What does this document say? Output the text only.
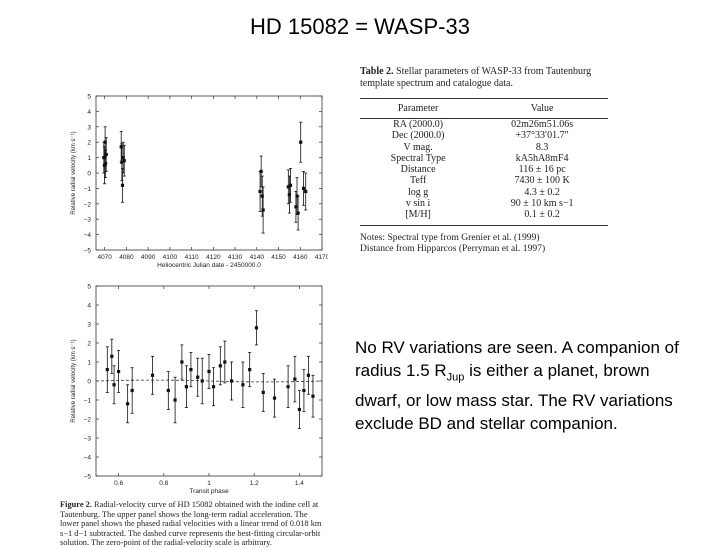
HD 15082 = WASP-33
5
4
3
2
1
0
−1
−2
−3
−4
−5
4070 4080 4090 4100 4110 4120 4130 4140 4150 4160 4170
Heliocentric Julian date - 2450000.0
Relative radial velocity (km s⁻¹)
5
4
3
2
1
0
−1
−2
−3
−4
−5
0.6	0.8	1	1.2	1.4
Transit phase
Relative radial velocity (km s⁻¹)
Figure 2. Radial-velocity curve of HD 15082 obtained with the iodine cell at Tautenburg. The upper panel shows the long-term radial acceleration. The lower panel shows the phased radial velocities with a linear trend of 0.018 km s−1 d−1 subtracted. The dashed curve represents the best-fitting circular-orbit solution. The zero-point of the radial-velocity scale is arbitrary.
Table 2. Stellar parameters of WASP-33 from Tautenburg template spectrum and catalogue data.
Parameter	Value
RA (2000.0)	02m26m51.06s
Dec (2000.0)	+37°33′01.7″
V mag.	8.3
Spectral Type	kA5hA8mF4
Distance	116 ± 16 pc
Teff	7430 ± 100 K
log g	4.3 ± 0.2
v sin i	90 ± 10 km s−1
[M/H]	0.1 ± 0.2
Notes: Spectral type from Grenier et al. (1999)
Distance from Hipparcos (Perryman et al. 1997)
No RV variations are seen. A companion of radius 1.5 $R_{Jup}$ is either a planet, brown dwarf, or low mass star. The RV variations exclude BD and stellar companion.
